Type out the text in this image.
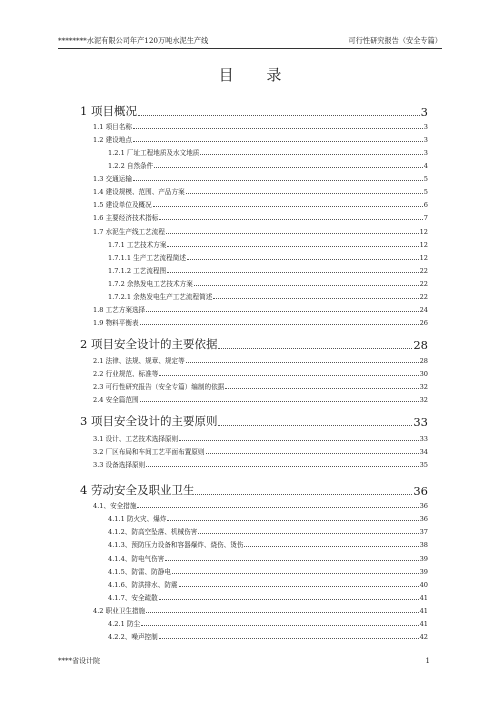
********水泥有限公司年产120万吨水泥生产线	可行性研究报告（安全专篇）
目 录
1 项目概况	3
1.1 项目名称	3
1.2 建设地点	3
1.2.1 厂址工程地质及水文地质	3
1.2.2 自然条件	4
1.3 交通运输	5
1.4 建设规模、范围、产品方案	5
1.5 建设单位及概况	6
1.6 主要经济技术指标	7
1.7 水泥生产线工艺流程	12
1.7.1 工艺技术方案	12
1.7.1.1 生产工艺流程简述	12
1.7.1.2 工艺流程图	22
1.7.2 余热发电工艺技术方案	22
1.7.2.1 余热发电生产工艺流程简述	22
1.8 工艺方案选择	24
1.9 物料平衡表	26
2 项目安全设计的主要依据	28
2.1 法律、法规、规章、规定等	28
2.2 行业规范、标准等	30
2.3 可行性研究报告（安全专篇）编制的依据	32
2.4 安全篇范围	32
3 项目安全设计的主要原则	33
3.1 设计、工艺技术选择原则	33
3.2 厂区布局和车间工艺平面布置原则	34
3.3 设备选择原则	35
4 劳动安全及职业卫生	36
4.1、安全措施	36
4.1.1 防火灾、爆炸	36
4.1.2、防高空坠落、机械伤害	37
4.1.3、预防压力设备和容器爆炸、烧伤、烫伤	38
4.1.4、防电气伤害	39
4.1.5、防雷、防静电	39
4.1.6、防洪排水、防震	40
4.1.7、安全疏散	41
4.2 职业卫生措施	41
4.2.1 防尘	41
4.2.2、噪声控制	42
****省设计院	1
